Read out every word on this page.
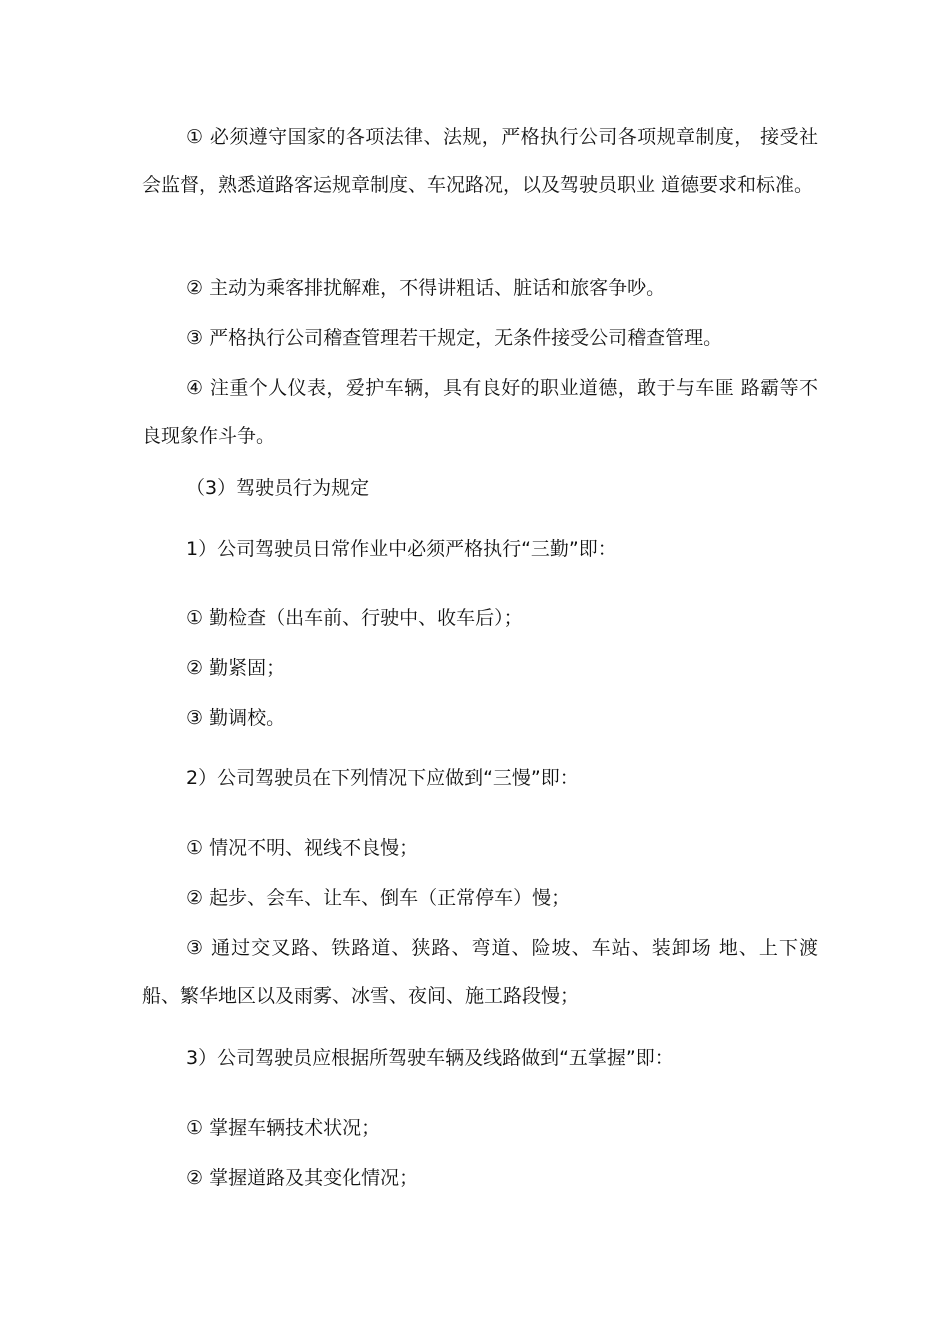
① 必须遵守国家的各项法律、法规，严格执行公司各项规章制度， 接受社会监督，熟悉道路客运规章制度、车况路况，以及驾驶员职业 道德要求和标准。

② 主动为乘客排扰解难，不得讲粗话、脏话和旅客争吵。

③ 严格执行公司稽查管理若干规定，无条件接受公司稽查管理。

④ 注重个人仪表，爱护车辆，具有良好的职业道德，敢于与车匪 路霸等不良现象作斗争。

（3）驾驶员行为规定

1）公司驾驶员日常作业中必须严格执行“三勤”即：

① 勤检查（出车前、行驶中、收车后）；

② 勤紧固；

③ 勤调校。

2）公司驾驶员在下列情况下应做到“三慢”即：

① 情况不明、视线不良慢；

② 起步、会车、让车、倒车（正常停车）慢；

③ 通过交叉路、铁路道、狭路、弯道、险坡、车站、装卸场 地、上下渡船、繁华地区以及雨雾、冰雪、夜间、施工路段慢；

3）公司驾驶员应根据所驾驶车辆及线路做到“五掌握”即：

① 掌握车辆技术状况；

② 掌握道路及其变化情况；
